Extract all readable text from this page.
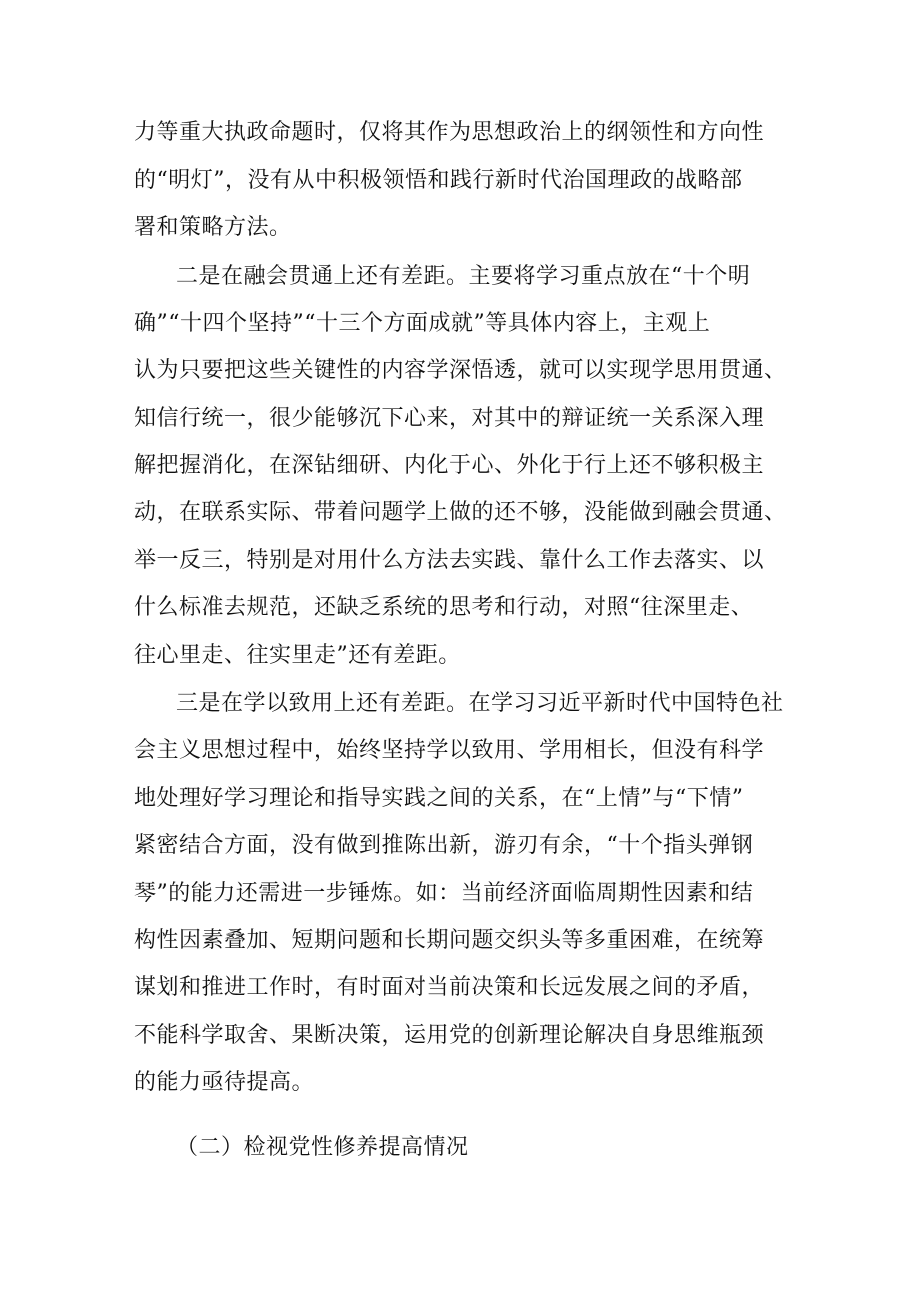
力等重大执政命题时，仅将其作为思想政治上的纲领性和方向性
的“明灯”，没有从中积极领悟和践行新时代治国理政的战略部
署和策略方法。
二是在融会贯通上还有差距。主要将学习重点放在“十个明
确”“十四个坚持”“十三个方面成就”等具体内容上，主观上
认为只要把这些关键性的内容学深悟透，就可以实现学思用贯通、
知信行统一，很少能够沉下心来，对其中的辩证统一关系深入理
解把握消化，在深钻细研、内化于心、外化于行上还不够积极主
动，在联系实际、带着问题学上做的还不够，没能做到融会贯通、
举一反三，特别是对用什么方法去实践、靠什么工作去落实、以
什么标准去规范，还缺乏系统的思考和行动，对照“往深里走、
往心里走、往实里走”还有差距。
三是在学以致用上还有差距。在学习习近平新时代中国特色社
会主义思想过程中，始终坚持学以致用、学用相长，但没有科学
地处理好学习理论和指导实践之间的关系，在“上情”与“下情”
紧密结合方面，没有做到推陈出新，游刃有余，“十个指头弹钢
琴”的能力还需进一步锤炼。如：当前经济面临周期性因素和结
构性因素叠加、短期问题和长期问题交织头等多重困难，在统筹
谋划和推进工作时，有时面对当前决策和长远发展之间的矛盾，
不能科学取舍、果断决策，运用党的创新理论解决自身思维瓶颈
的能力亟待提高。
（二）检视党性修养提高情况
